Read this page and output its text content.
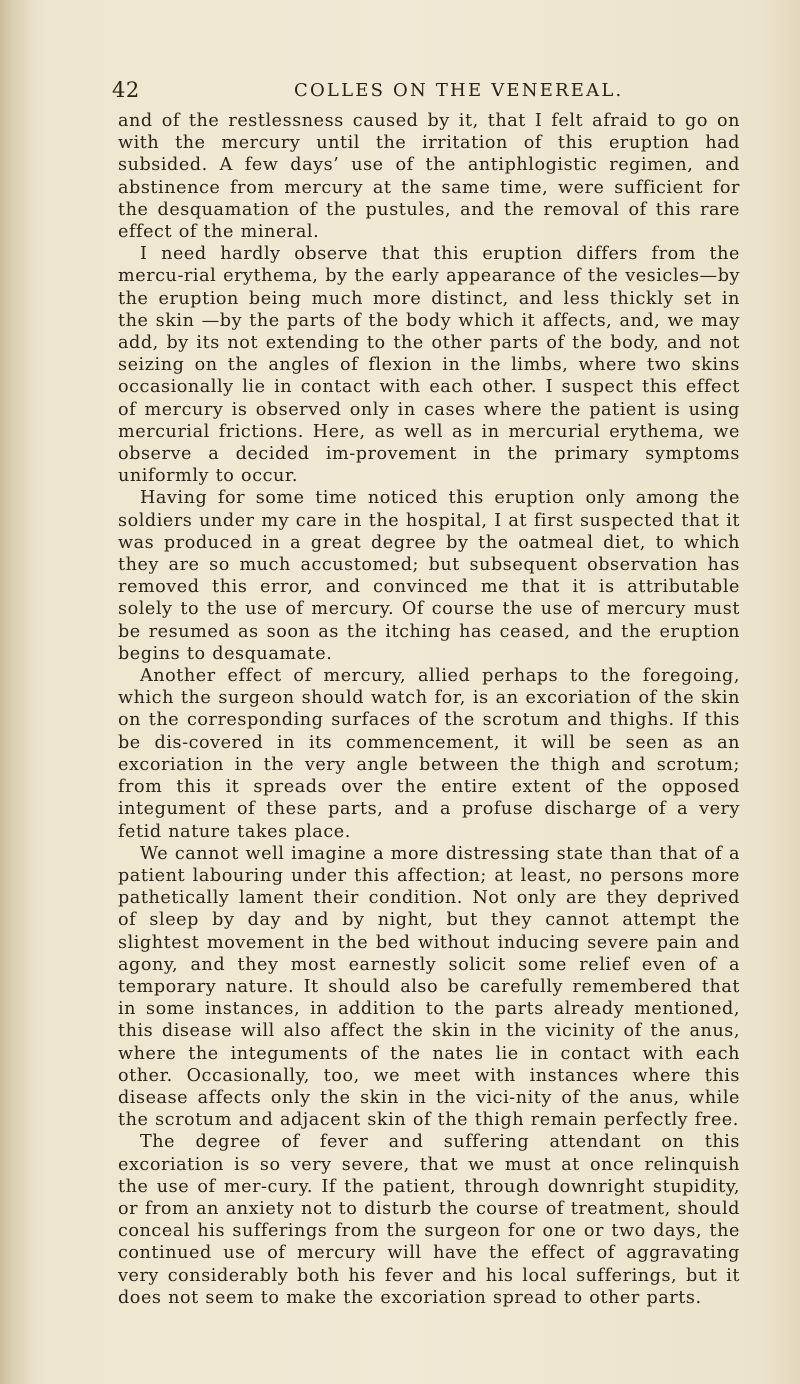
42	COLLES ON THE VENEREAL.

and of the restlessness caused by it, that I felt afraid to go on with the mercury until the irritation of this eruption had subsided. A few days’ use of the antiphlogistic regimen, and abstinence from mercury at the same time, were sufficient for the desquamation of the pustules, and the removal of this rare effect of the mineral.

I need hardly observe that this eruption differs from the mercu-rial erythema, by the early appearance of the vesicles—by the eruption being much more distinct, and less thickly set in the skin —by the parts of the body which it affects, and, we may add, by its not extending to the other parts of the body, and not seizing on the angles of flexion in the limbs, where two skins occasionally lie in contact with each other. I suspect this effect of mercury is observed only in cases where the patient is using mercurial frictions. Here, as well as in mercurial erythema, we observe a decided im-provement in the primary symptoms uniformly to occur.

Having for some time noticed this eruption only among the soldiers under my care in the hospital, I at first suspected that it was produced in a great degree by the oatmeal diet, to which they are so much accustomed; but subsequent observation has removed this error, and convinced me that it is attributable solely to the use of mercury. Of course the use of mercury must be resumed as soon as the itching has ceased, and the eruption begins to desquamate.

Another effect of mercury, allied perhaps to the foregoing, which the surgeon should watch for, is an excoriation of the skin on the corresponding surfaces of the scrotum and thighs. If this be dis-covered in its commencement, it will be seen as an excoriation in the very angle between the thigh and scrotum; from this it spreads over the entire extent of the opposed integument of these parts, and a profuse discharge of a very fetid nature takes place.

We cannot well imagine a more distressing state than that of a patient labouring under this affection; at least, no persons more pathetically lament their condition. Not only are they deprived of sleep by day and by night, but they cannot attempt the slightest movement in the bed without inducing severe pain and agony, and they most earnestly solicit some relief even of a temporary nature. It should also be carefully remembered that in some instances, in addition to the parts already mentioned, this disease will also affect the skin in the vicinity of the anus, where the integuments of the nates lie in contact with each other. Occasionally, too, we meet with instances where this disease affects only the skin in the vici-nity of the anus, while the scrotum and adjacent skin of the thigh remain perfectly free.

The degree of fever and suffering attendant on this excoriation is so very severe, that we must at once relinquish the use of mer-cury. If the patient, through downright stupidity, or from an anxiety not to disturb the course of treatment, should conceal his sufferings from the surgeon for one or two days, the continued use of mercury will have the effect of aggravating very considerably both his fever and his local sufferings, but it does not seem to make the excoriation spread to other parts.
